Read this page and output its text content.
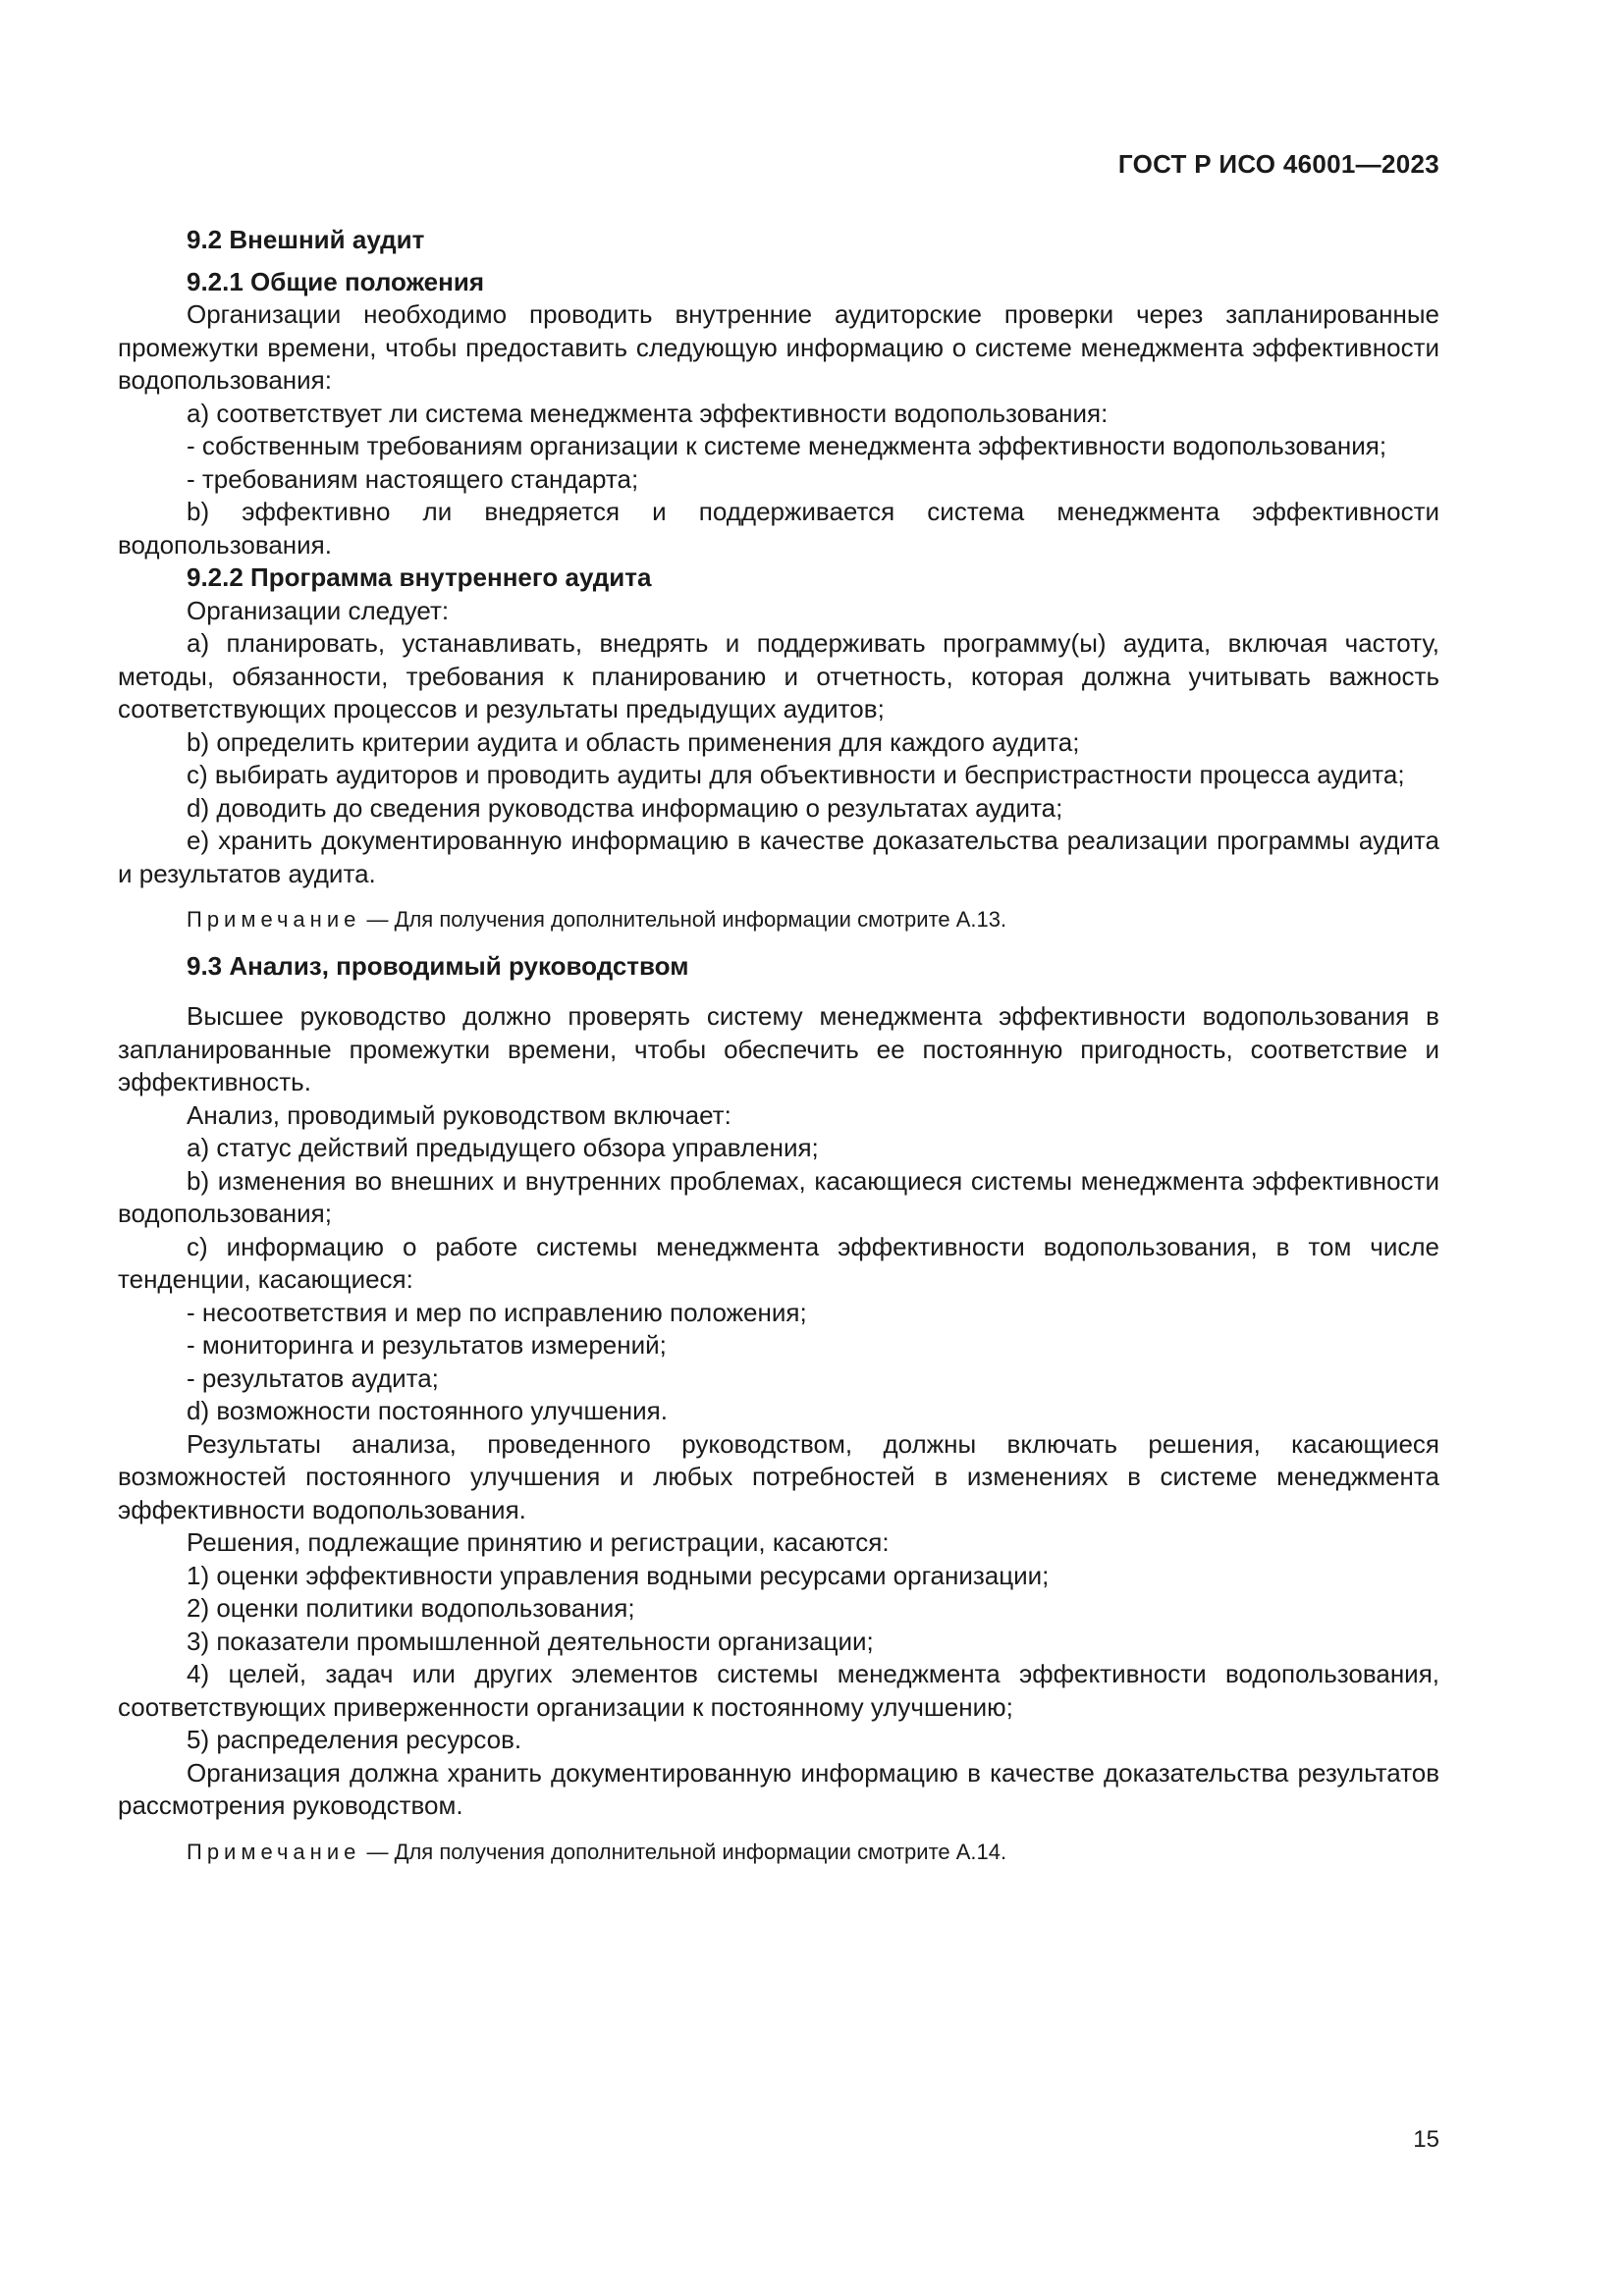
ГОСТ Р ИСО 46001—2023

9.2 Внешний аудит

9.2.1 Общие положения

Организации необходимо проводить внутренние аудиторские проверки через запланированные промежутки времени, чтобы предоставить следующую информацию о системе менеджмента эффективности водопользования:

a) соответствует ли система менеджмента эффективности водопользования:

- собственным требованиям организации к системе менеджмента эффективности водопользования;

- требованиям настоящего стандарта;

b) эффективно ли внедряется и поддерживается система менеджмента эффективности водопользования.

9.2.2 Программа внутреннего аудита

Организации следует:

a) планировать, устанавливать, внедрять и поддерживать программу(ы) аудита, включая частоту, методы, обязанности, требования к планированию и отчетность, которая должна учитывать важность соответствующих процессов и результаты предыдущих аудитов;

b) определить критерии аудита и область применения для каждого аудита;

c) выбирать аудиторов и проводить аудиты для объективности и беспристрастности процесса аудита;

d) доводить до сведения руководства информацию о результатах аудита;

e) хранить документированную информацию в качестве доказательства реализации программы аудита и результатов аудита.

Примечание — Для получения дополнительной информации смотрите А.13.

9.3 Анализ, проводимый руководством

Высшее руководство должно проверять систему менеджмента эффективности водопользования в запланированные промежутки времени, чтобы обеспечить ее постоянную пригодность, соответствие и эффективность.

Анализ, проводимый руководством включает:

a) статус действий предыдущего обзора управления;

b) изменения во внешних и внутренних проблемах, касающиеся системы менеджмента эффективности водопользования;

c) информацию о работе системы менеджмента эффективности водопользования, в том числе тенденции, касающиеся:

- несоответствия и мер по исправлению положения;

- мониторинга и результатов измерений;

- результатов аудита;

d) возможности постоянного улучшения.

Результаты анализа, проведенного руководством, должны включать решения, касающиеся возможностей постоянного улучшения и любых потребностей в изменениях в системе менеджмента эффективности водопользования.

Решения, подлежащие принятию и регистрации, касаются:

1) оценки эффективности управления водными ресурсами организации;

2) оценки политики водопользования;

3) показатели промышленной деятельности организации;

4) целей, задач или других элементов системы менеджмента эффективности водопользования, соответствующих приверженности организации к постоянному улучшению;

5) распределения ресурсов.

Организация должна хранить документированную информацию в качестве доказательства результатов рассмотрения руководством.

Примечание — Для получения дополнительной информации смотрите А.14.

15
